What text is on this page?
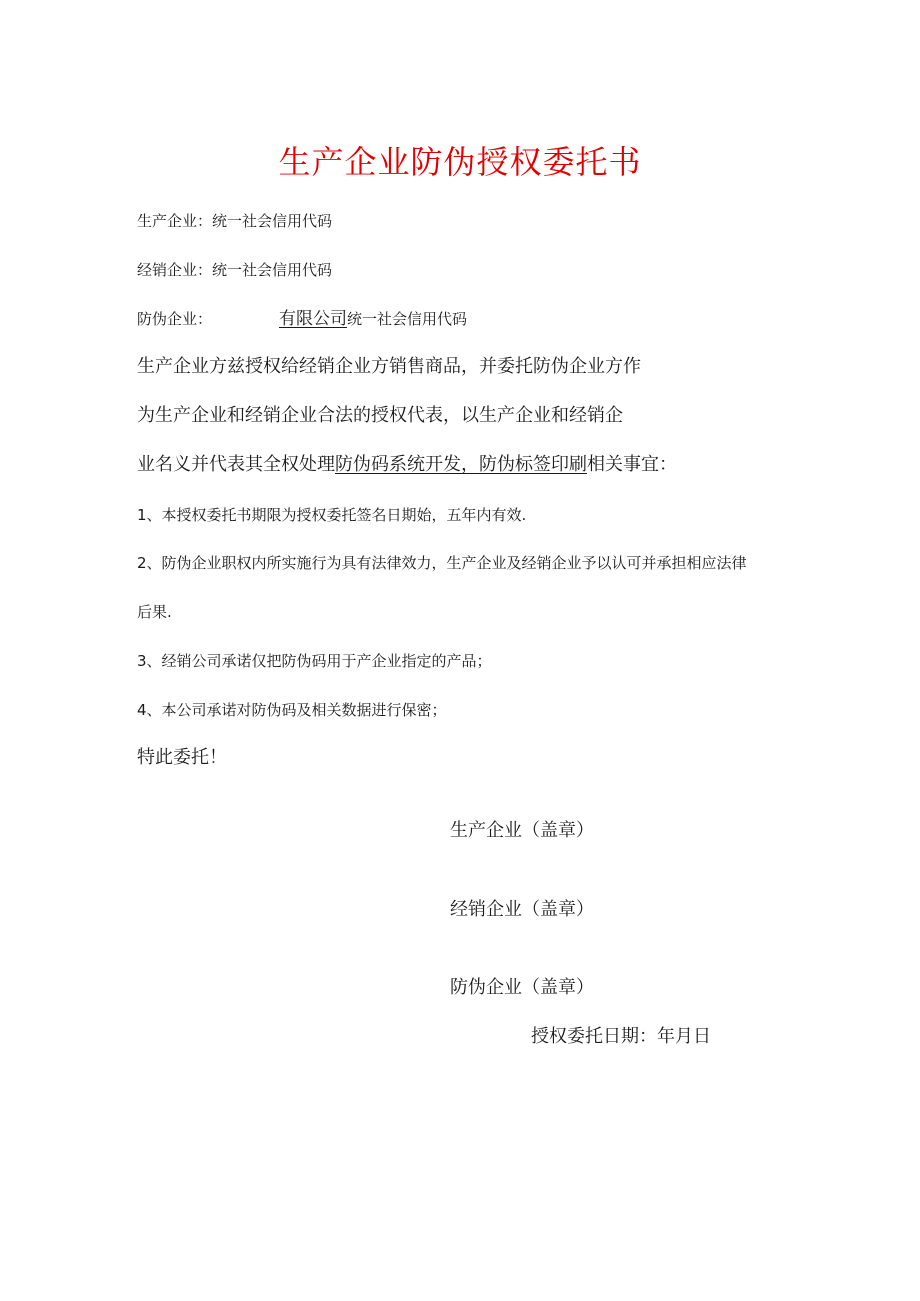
生产企业防伪授权委托书
生产企业：统一社会信用代码
经销企业：统一社会信用代码
防伪企业：	有限公司统一社会信用代码
生产企业方兹授权给经销企业方销售商品，并委托防伪企业方作
为生产企业和经销企业合法的授权代表，以生产企业和经销企
业名义并代表其全权处理防伪码系统开发，防伪标签印刷相关事宜：
1、本授权委托书期限为授权委托签名日期始，五年内有效.
2、防伪企业职权内所实施行为具有法律效力，生产企业及经销企业予以认可并承担相应法律
后果.
3、经销公司承诺仅把防伪码用于产企业指定的产品；
4、本公司承诺对防伪码及相关数据进行保密；
特此委托！
生产企业（盖章）
经销企业（盖章）
防伪企业（盖章）
授权委托日期：年月日
